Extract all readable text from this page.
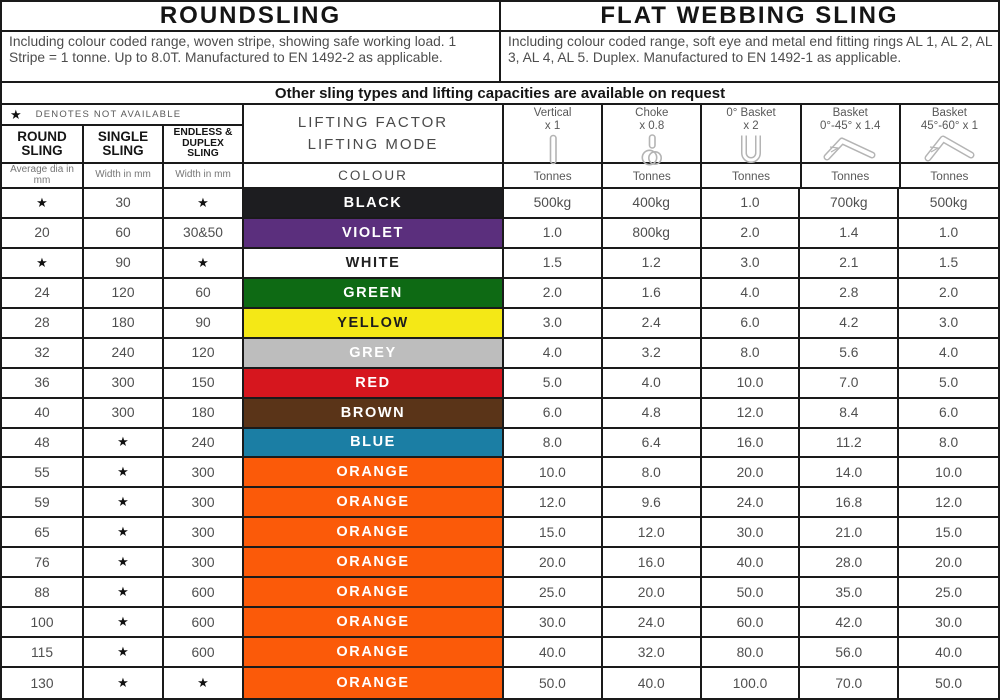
ROUNDSLING	FLAT WEBBING SLING
Including colour coded range, woven stripe, showing safe working load. 1 Stripe = 1 tonne. Up to 8.0T. Manufactured to EN 1492-2 as applicable.
Including colour coded range, soft eye and metal end fitting rings AL 1, AL 2, AL 3, AL 4, AL 5. Duplex. Manufactured to EN 1492-1 as applicable.
Other sling types and lifting capacities are available on request
★ DENOTES NOT AVAILABLE
ROUND SLING
SINGLE SLING
ENDLESS & DUPLEX SLING
Average dia in mm	Width in mm	Width in mm
LIFTING FACTOR
LIFTING MODE
COLOUR
Vertical
x 1
Choke
x 0.8
0° Basket
x 2
Basket
0°-45° x 1.4
Basket
45°-60° x 1
Tonnes	Tonnes	Tonnes	Tonnes	Tonnes
★	30	★	BLACK	500kg	400kg	1.0	700kg	500kg
20	60	30&50	VIOLET	1.0	800kg	2.0	1.4	1.0
★	90	★	WHITE	1.5	1.2	3.0	2.1	1.5
24	120	60	GREEN	2.0	1.6	4.0	2.8	2.0
28	180	90	YELLOW	3.0	2.4	6.0	4.2	3.0
32	240	120	GREY	4.0	3.2	8.0	5.6	4.0
36	300	150	RED	5.0	4.0	10.0	7.0	5.0
40	300	180	BROWN	6.0	4.8	12.0	8.4	6.0
48	★	240	BLUE	8.0	6.4	16.0	11.2	8.0
55	★	300	ORANGE	10.0	8.0	20.0	14.0	10.0
59	★	300	ORANGE	12.0	9.6	24.0	16.8	12.0
65	★	300	ORANGE	15.0	12.0	30.0	21.0	15.0
76	★	300	ORANGE	20.0	16.0	40.0	28.0	20.0
88	★	600	ORANGE	25.0	20.0	50.0	35.0	25.0
100	★	600	ORANGE	30.0	24.0	60.0	42.0	30.0
115	★	600	ORANGE	40.0	32.0	80.0	56.0	40.0
130	★	★	ORANGE	50.0	40.0	100.0	70.0	50.0
